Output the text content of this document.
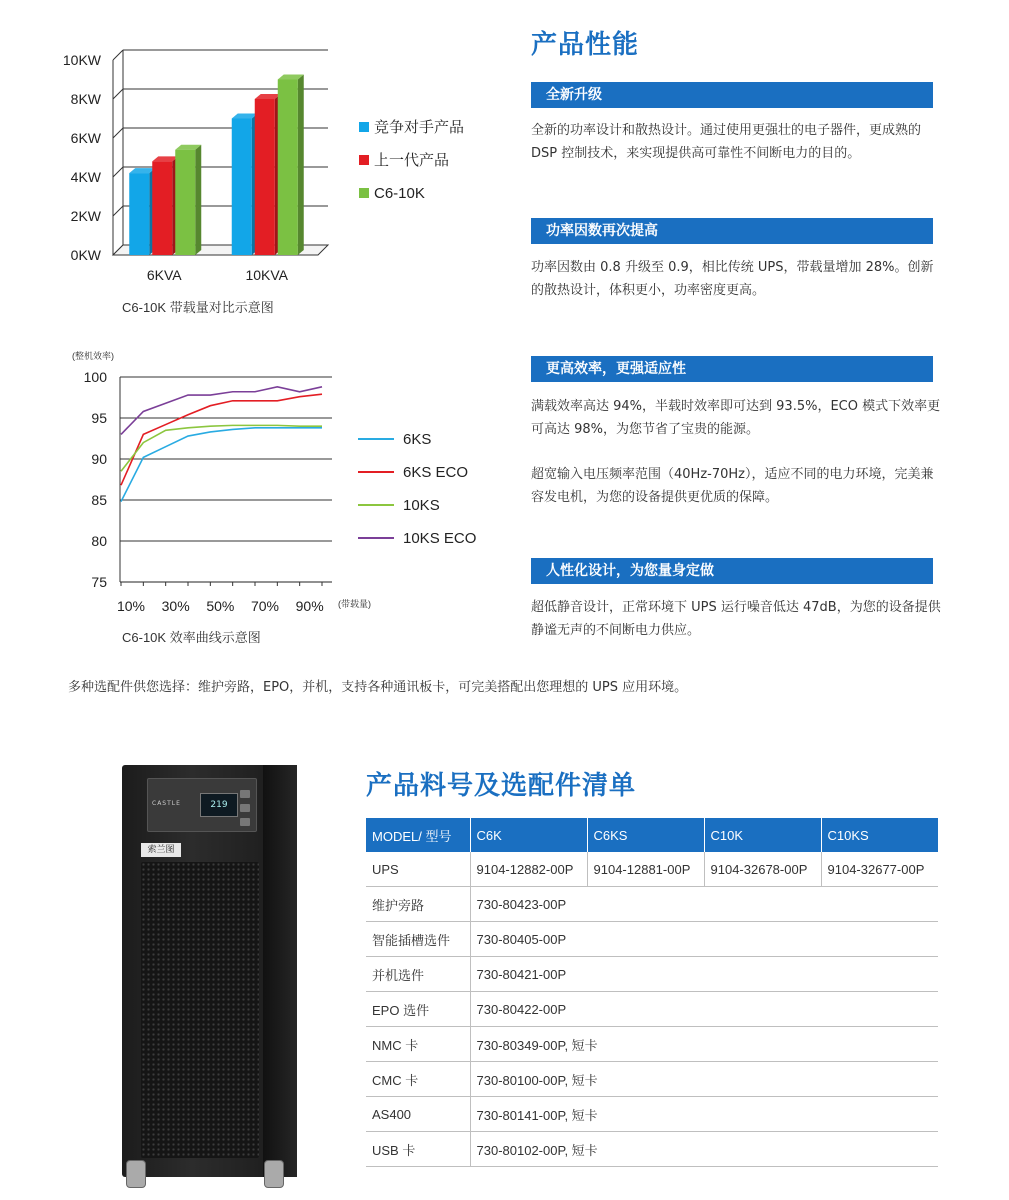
0KW
2KW
4KW
6KW
8KW
10KW
6KVA	10KVA
竞争对手产品
上一代产品
C6-10K
C6-10K 带载量对比示意图
(整机效率)
75
80
85
90
95
100
10% 30% 50% 70% 90% (带载量)
6KS
6KS ECO
10KS
10KS ECO
C6-10K 效率曲线示意图
产品性能
全新升级

全新的功率设计和散热设计。通过使用更强壮的电子器件，更成熟的 DSP 控制技术，来实现提供高可靠性不间断电力的目的。

功率因数再次提高

功率因数由 0.8 升级至 0.9，相比传统 UPS，带载量增加 28%。创新的散热设计，体积更小，功率密度更高。

更高效率，更强适应性

满载效率高达 94%，半载时效率即可达到 93.5%，ECO 模式下效率更可高达 98%，为您节省了宝贵的能源。

超宽输入电压频率范围（40Hz-70Hz），适应不同的电力环境，完美兼容发电机，为您的设备提供更优质的保障。

人性化设计，为您量身定做

超低静音设计，正常环境下 UPS 运行噪音低达 47dB，为您的设备提供静谧无声的不间断电力供应。

多种选配件供您选择：维护旁路，EPO，并机，支持各种通讯板卡，可完美搭配出您理想的 UPS 应用环境。
CASTLE	219
索兰图
产品料号及选配件清单
MODEL/ 型号	C6K	C6KS	C10K	C10KS
UPS	9104-12882-00P	9104-12881-00P	9104-32678-00P	9104-32677-00P
维护旁路	730-80423-00P			
智能插槽选件	730-80405-00P			
并机选件	730-80421-00P			
EPO 选件	730-80422-00P			
NMC 卡	730-80349-00P, 短卡			
CMC 卡	730-80100-00P, 短卡			
AS400	730-80141-00P, 短卡			
USB 卡	730-80102-00P, 短卡			
